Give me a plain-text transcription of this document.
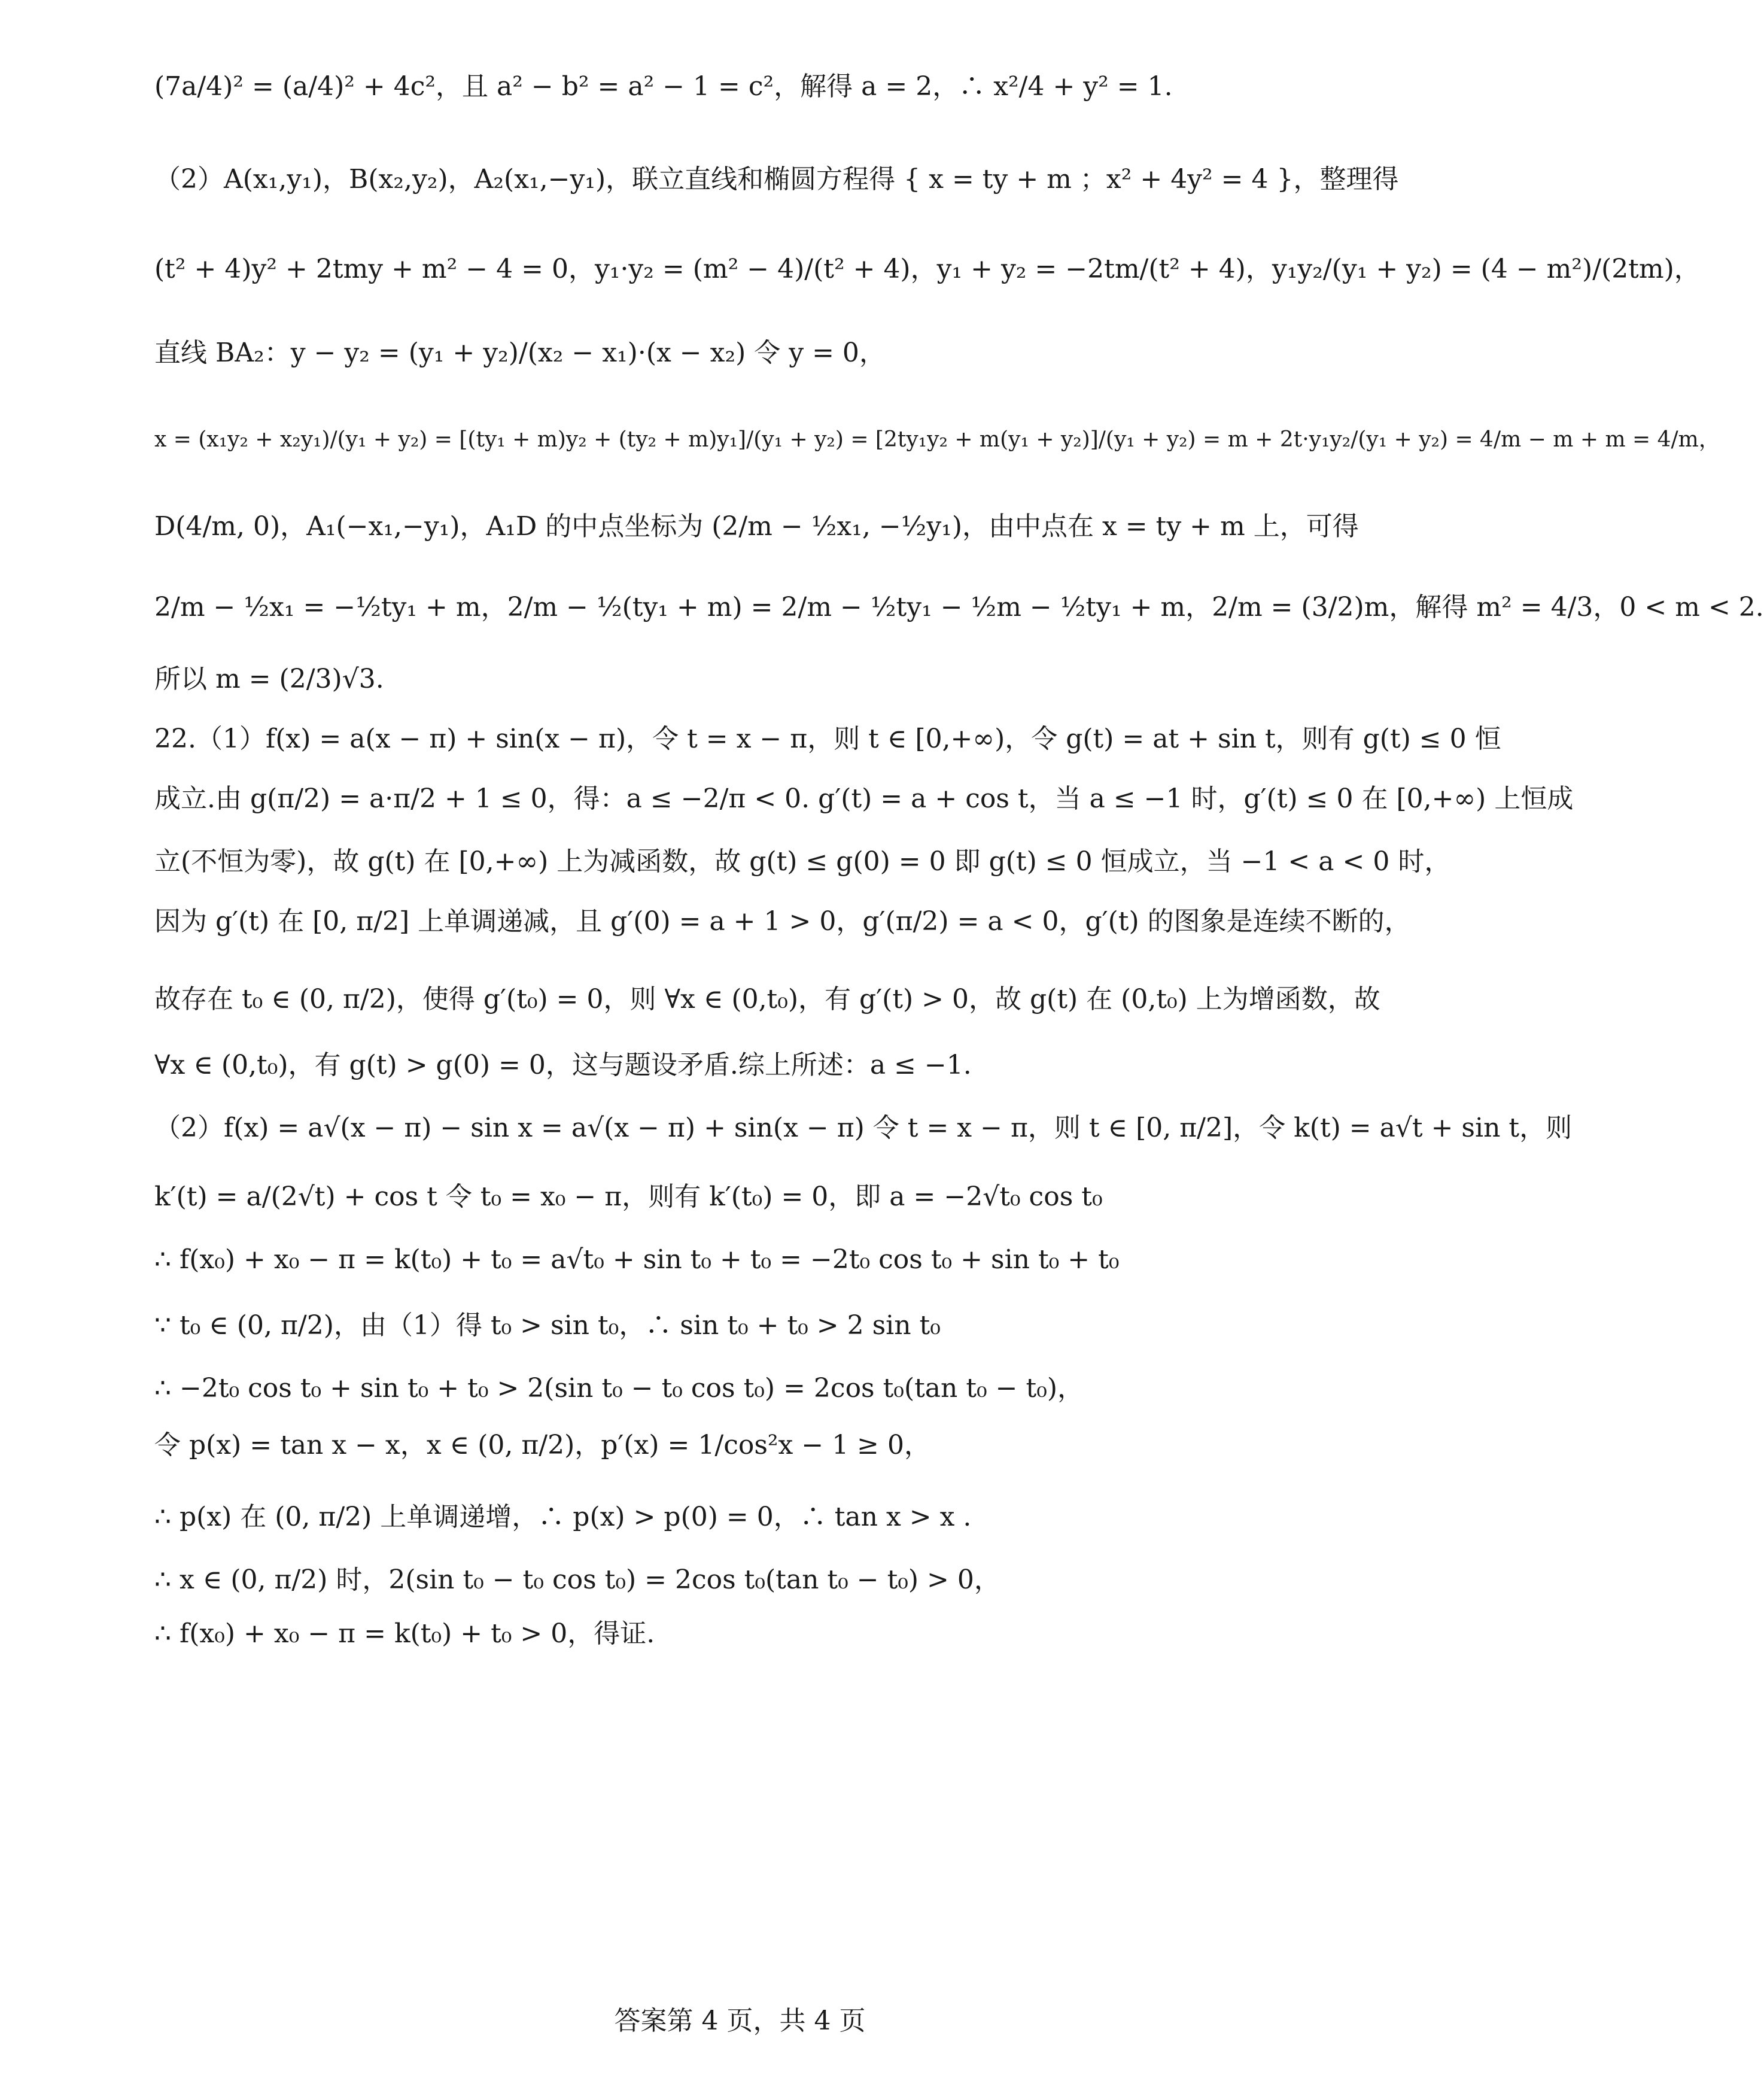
(7a/4)² = (a/4)² + 4c²，且 a² − b² = a² − 1 = c²，解得 a = 2，∴ x²/4 + y² = 1.
（2）A(x₁,y₁)，B(x₂,y₂)，A₂(x₁,−y₁)，联立直线和椭圆方程得 { x = ty + m ；x² + 4y² = 4 }，整理得
(t² + 4)y² + 2tmy + m² − 4 = 0，y₁·y₂ = (m² − 4)/(t² + 4)，y₁ + y₂ = −2tm/(t² + 4)，y₁y₂/(y₁ + y₂) = (4 − m²)/(2tm)，
直线 BA₂：y − y₂ = (y₁ + y₂)/(x₂ − x₁)·(x − x₂) 令 y = 0，
x = (x₁y₂ + x₂y₁)/(y₁ + y₂) = [(ty₁ + m)y₂ + (ty₂ + m)y₁]/(y₁ + y₂) = [2ty₁y₂ + m(y₁ + y₂)]/(y₁ + y₂) = m + 2t·y₁y₂/(y₁ + y₂) = 4/m − m + m = 4/m，
D(4/m, 0)，A₁(−x₁,−y₁)，A₁D 的中点坐标为 (2/m − ½x₁, −½y₁)，由中点在 x = ty + m 上，可得
2/m − ½x₁ = −½ty₁ + m，2/m − ½(ty₁ + m) = 2/m − ½ty₁ − ½m − ½ty₁ + m，2/m = (3/2)m，解得 m² = 4/3，0 < m < 2.
所以 m = (2/3)√3.
22.（1）f(x) = a(x − π) + sin(x − π)，令 t = x − π，则 t ∈ [0,+∞)，令 g(t) = at + sin t，则有 g(t) ≤ 0 恒
成立.由 g(π/2) = a·π/2 + 1 ≤ 0，得：a ≤ −2/π < 0. g′(t) = a + cos t，当 a ≤ −1 时，g′(t) ≤ 0 在 [0,+∞) 上恒成
立(不恒为零)，故 g(t) 在 [0,+∞) 上为减函数，故 g(t) ≤ g(0) = 0 即 g(t) ≤ 0 恒成立，当 −1 < a < 0 时，
因为 g′(t) 在 [0, π/2] 上单调递减，且 g′(0) = a + 1 > 0，g′(π/2) = a < 0，g′(t) 的图象是连续不断的，
故存在 t₀ ∈ (0, π/2)，使得 g′(t₀) = 0，则 ∀x ∈ (0,t₀)，有 g′(t) > 0，故 g(t) 在 (0,t₀) 上为增函数，故
∀x ∈ (0,t₀)，有 g(t) > g(0) = 0，这与题设矛盾.综上所述：a ≤ −1.
（2）f(x) = a√(x − π) − sin x = a√(x − π) + sin(x − π) 令 t = x − π，则 t ∈ [0, π/2]，令 k(t) = a√t + sin t，则
k′(t) = a/(2√t) + cos t 令 t₀ = x₀ − π，则有 k′(t₀) = 0，即 a = −2√t₀ cos t₀
∴ f(x₀) + x₀ − π = k(t₀) + t₀ = a√t₀ + sin t₀ + t₀ = −2t₀ cos t₀ + sin t₀ + t₀
∵ t₀ ∈ (0, π/2)，由（1）得 t₀ > sin t₀，∴ sin t₀ + t₀ > 2 sin t₀
∴ −2t₀ cos t₀ + sin t₀ + t₀ > 2(sin t₀ − t₀ cos t₀) = 2cos t₀(tan t₀ − t₀)，
令 p(x) = tan x − x，x ∈ (0, π/2)，p′(x) = 1/cos²x − 1 ≥ 0，
∴ p(x) 在 (0, π/2) 上单调递增，∴ p(x) > p(0) = 0，∴ tan x > x .
∴ x ∈ (0, π/2) 时，2(sin t₀ − t₀ cos t₀) = 2cos t₀(tan t₀ − t₀) > 0，
∴ f(x₀) + x₀ − π = k(t₀) + t₀ > 0，得证.
答案第 4 页，共 4 页
